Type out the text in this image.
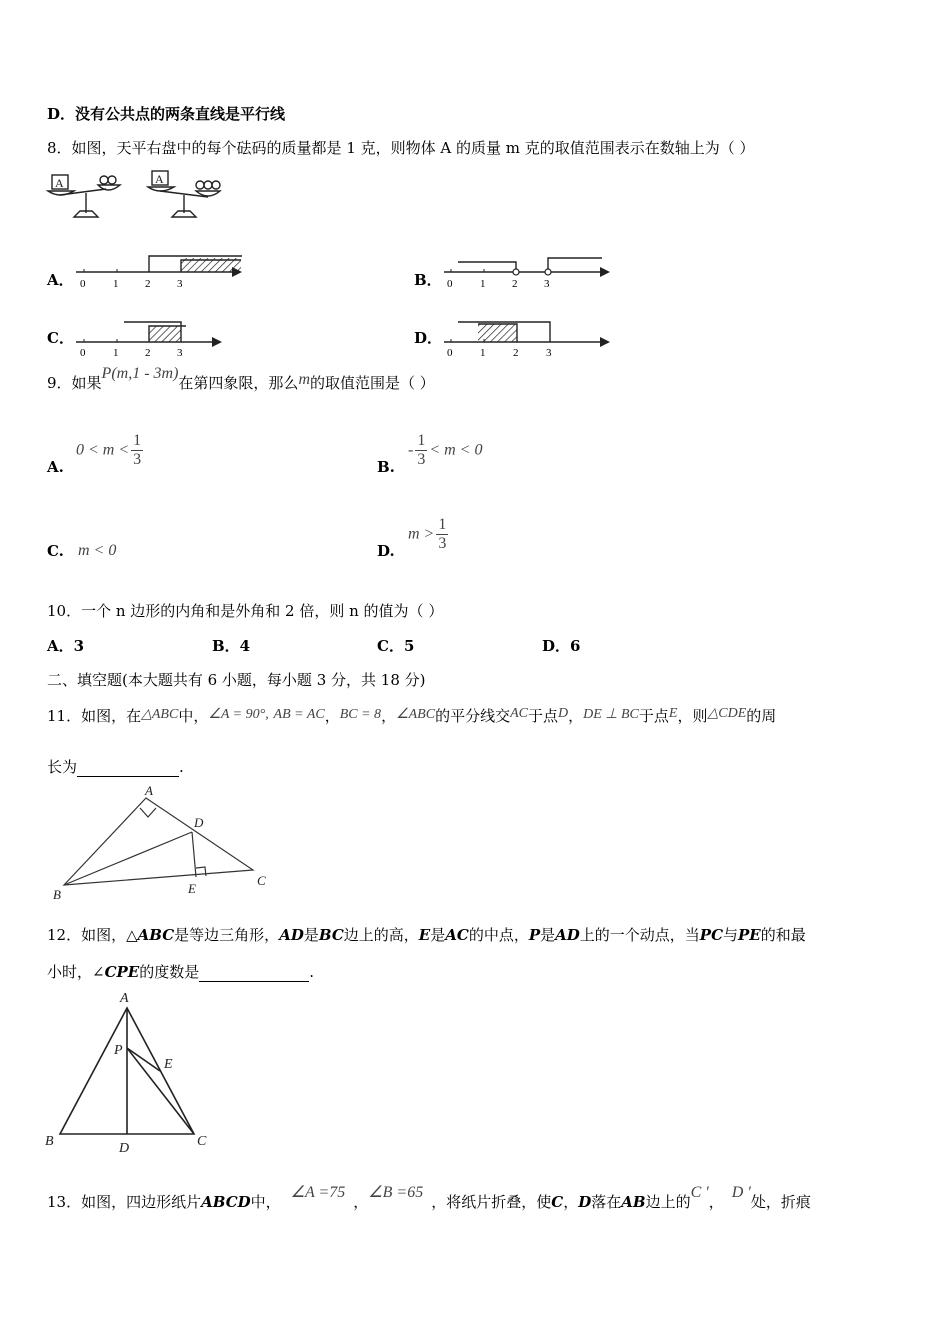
D．没有公共点的两条直线是平行线
8．如图，天平右盘中的每个砝码的质量都是 1 克，则物体 A 的质量 m 克的取值范围表示在数轴上为（ ）
A	A
A． 0	1 2 3	B． 0	1 2 3
C．
0	1 2 3
D．
0	1	2	3
9．如果P(m,1 - 3m)在第四象限，那么m的取值范围是（ ）
A.
$0 < m < \frac{1}{3}$	B.
- $\frac{1}{3} < m < 0$
C. m < 0	D.
$m > \frac{1}{3}$
10．一个 n 边形的内角和是外角和 2 倍，则 n 的值为（ ）
A．3	B．4	C．5	D．6
二、填空题(本大题共有 6 小题，每小题 3 分，共 18 分)
11．如图，在△ABC中，∠A = 90°, AB = AC，BC = 8，∠ABC的平分线交AC于点D，DE ⊥ BC于点E，则△CDE的周
长为	.
A
B
C
D
E
12．如图，△ABC是等边三角形，AD是BC边上的高，E是AC的中点，P是AD上的一个动点，当PC与PE的和最
小时，∠CPE的度数是	.
A
B	C
D
E
P
13．如图，四边形纸片ABCD中，∠A =75，∠B =65，将纸片折叠，使C，D落在AB边上的C ′，D ′处，折痕
